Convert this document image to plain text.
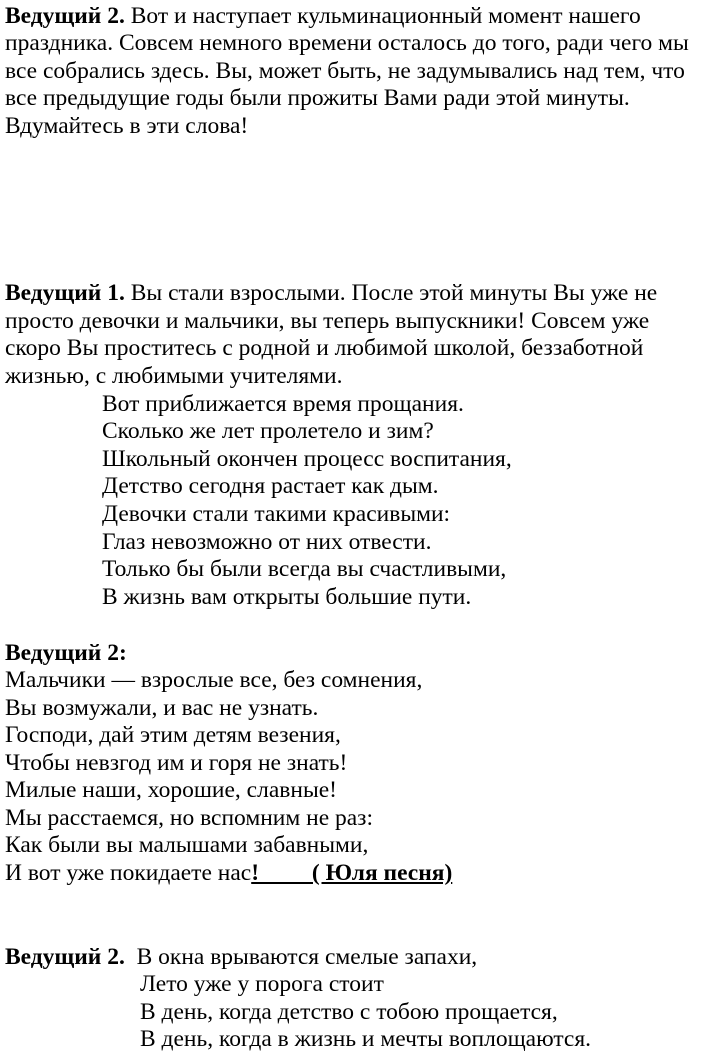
Ведущий 2. Вот и наступает кульминационный момент нашего
праздника. Совсем немного времени осталось до того, ради чего мы
все собрались здесь. Вы, может быть, не задумывались над тем, что
все предыдущие годы были прожиты Вами ради этой минуты.
Вдумайтесь в эти слова!
Ведущий 1. Вы стали взрослыми. После этой минуты Вы уже не
просто девочки и мальчики, вы теперь выпускники! Совсем уже
скоро Вы проститесь с родной и любимой школой, беззаботной
жизнью, с любимыми учителями.
Вот приближается время прощания.
Сколько же лет пролетело и зим?
Школьный окончен процесс воспитания,
Детство сегодня растает как дым.
Девочки стали такими красивыми:
Глаз невозможно от них отвести.
Только бы были всегда вы счастливыми,
В жизнь вам открыты большие пути.
Ведущий 2:
Мальчики — взрослые все, без сомнения,
Вы возмужали, и вас не узнать.
Господи, дай этим детям везения,
Чтобы невзгод им и горя не знать!
Милые наши, хорошие, славные!
Мы расстаемся, но вспомним не раз:
Как были вы малышами забавными,
И вот уже покидаете нас!         ( Юля песня)
Ведущий 2.  В окна врываются смелые запахи,
Лето уже у порога стоит
В день, когда детство с тобою прощается,
В день, когда в жизнь и мечты воплощаются.
